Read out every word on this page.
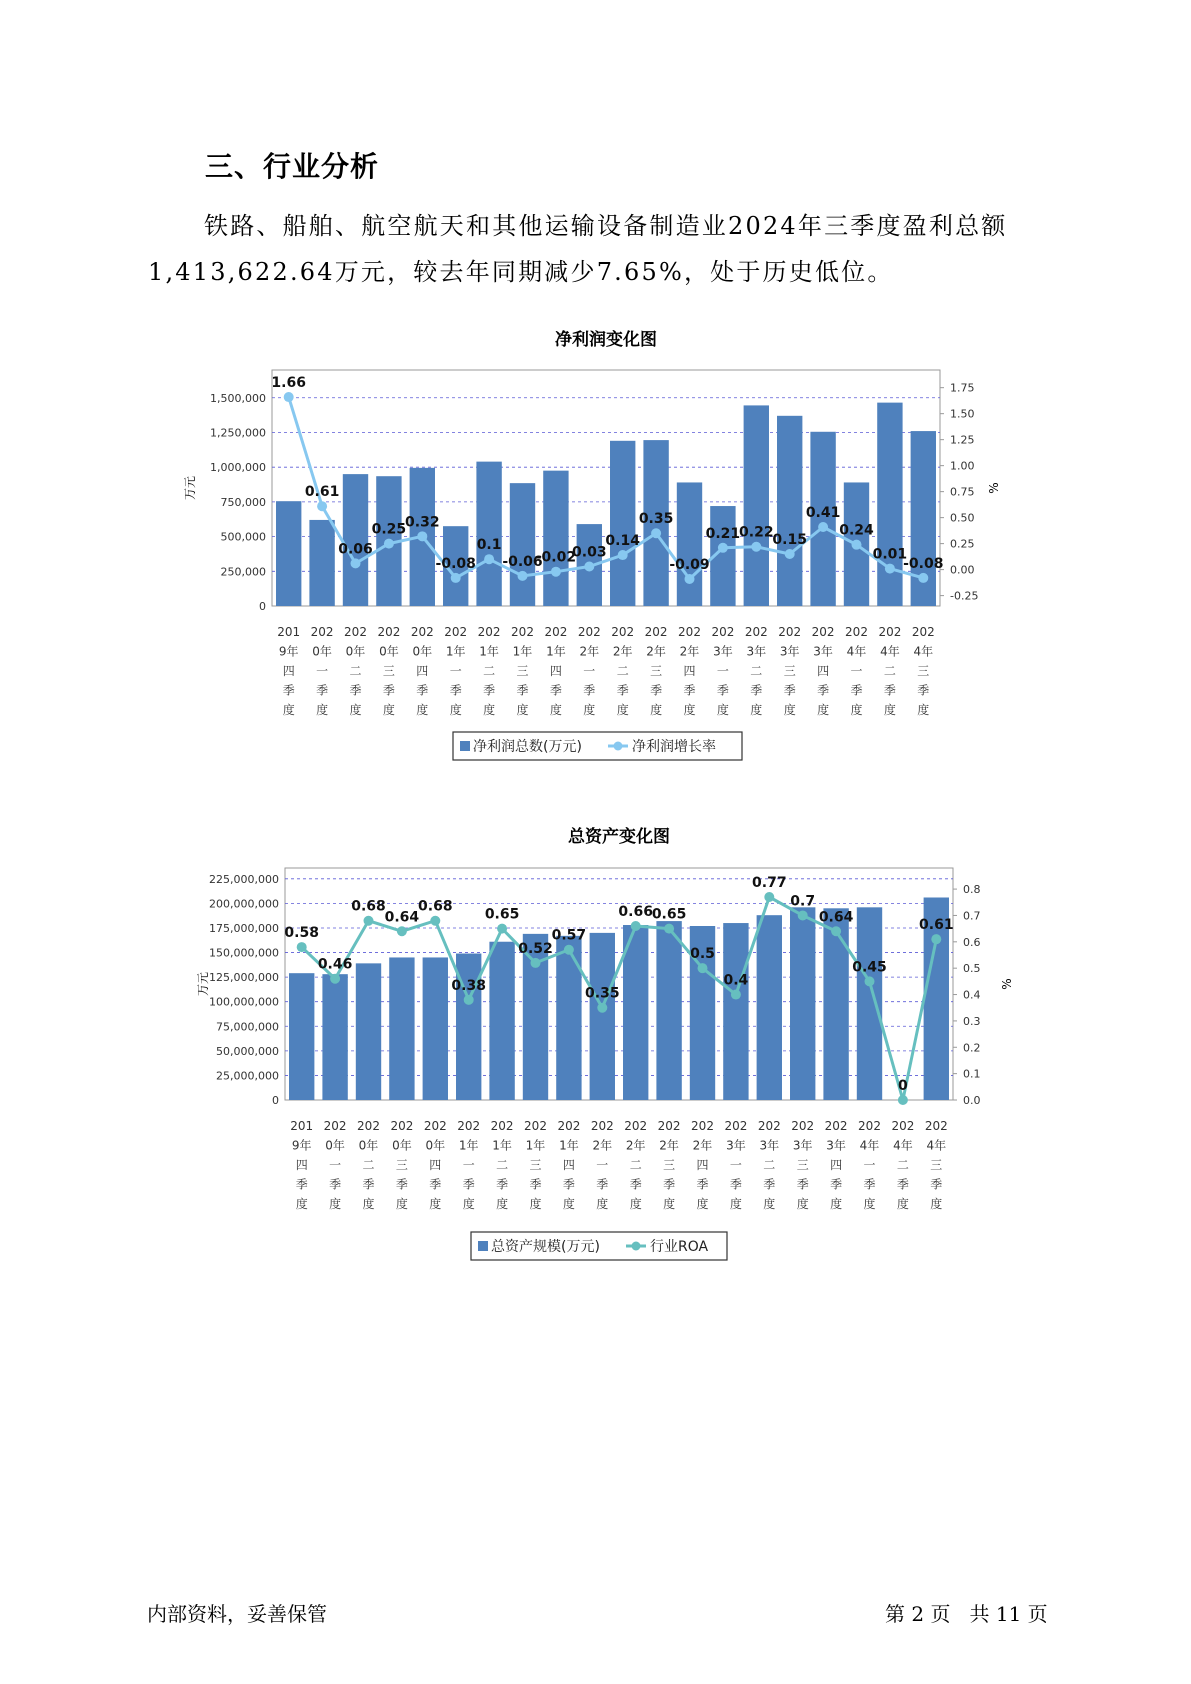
三、行业分析
铁路、船舶、航空航天和其他运输设备制造业2024年三季度盈利总额
1,413,622.64万元，较去年同期减少7.65%，处于历史低位。
净利润变化图
0
250,000
500,000
750,000
1,000,000
1,250,000
1,500,000
-0.25
0.00
0.25
0.50
0.75
1.00
1.25
1.50
1.75
万元	%
1.66
0.61
0.06
0.25
0.32
-0.08
0.1
-0.06
-0.02
0.03
0.14
0.35
-0.09
0.21
0.22
0.15
0.41
0.24
0.01
-0.08
201
9年
四
季
度
202
0年
一
季
度
202
0年
二
季
度
202
0年
三
季
度
202
0年
四
季
度
202
1年
一
季
度
202
1年
二
季
度
202
1年
三
季
度
202
1年
四
季
度
202
2年
一
季
度
202
2年
二
季
度
202
2年
三
季
度
202
2年
四
季
度
202
3年
一
季
度
202
3年
二
季
度
202
3年
三
季
度
202
3年
四
季
度
202
4年
一
季
度
202
4年
二
季
度
202
4年
三
季
度
净利润总数(万元)	净利润增长率
总资产变化图
0
25,000,000
50,000,000
75,000,000
100,000,000
125,000,000
150,000,000
175,000,000
200,000,000
225,000,000
0.0
0.1
0.2
0.3
0.4
0.5
0.6
0.7
0.8
万元	%
0.58
0.46
0.68
0.64
0.68
0.38
0.65
0.52
0.57
0.35
0.66
0.65
0.5
0.4
0.77
0.7
0.64
0.45
0
0.61
201
9年
四
季
度
202
0年
一
季
度
202
0年
二
季
度
202
0年
三
季
度
202
0年
四
季
度
202
1年
一
季
度
202
1年
二
季
度
202
1年
三
季
度
202
1年
四
季
度
202
2年
一
季
度
202
2年
二
季
度
202
2年
三
季
度
202
2年
四
季
度
202
3年
一
季
度
202
3年
二
季
度
202
3年
三
季
度
202
3年
四
季
度
202
4年
一
季
度
202
4年
二
季
度
202
4年
三
季
度
总资产规模(万元)	行业ROA
内部资料，妥善保管	第 2 页   共 11 页
